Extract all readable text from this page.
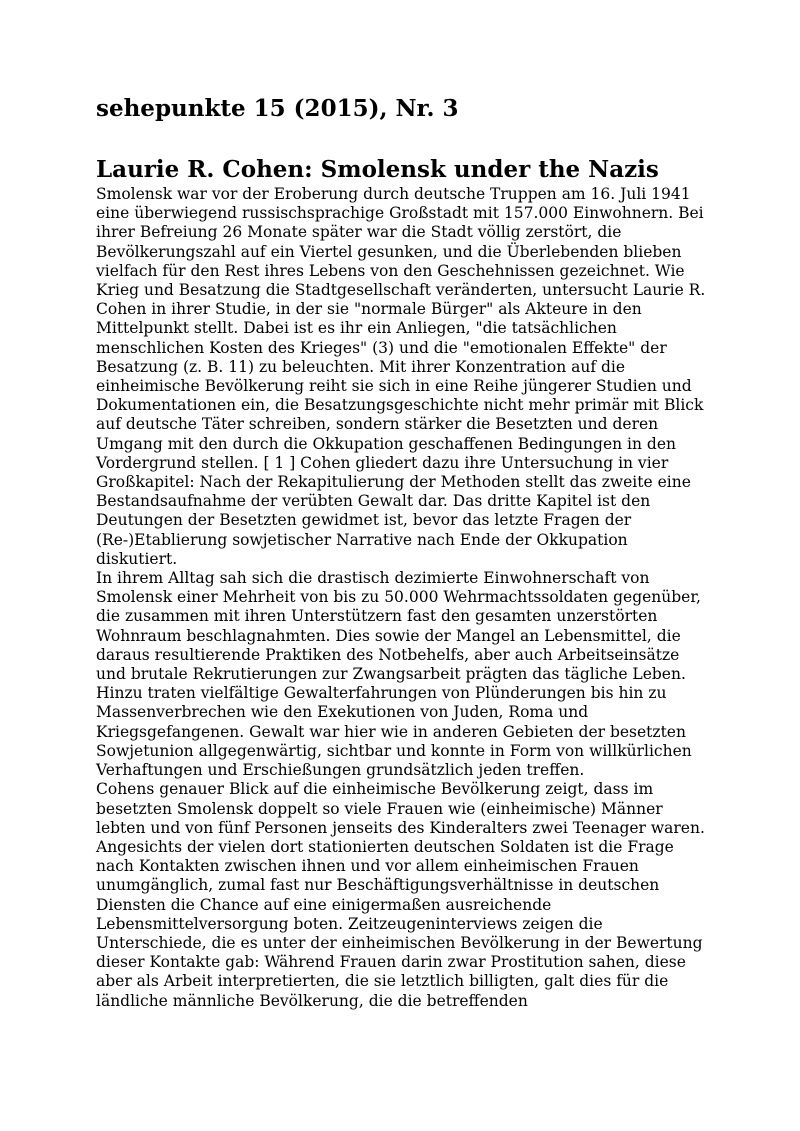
sehepunkte 15 (2015), Nr. 3
Laurie R. Cohen: Smolensk under the Nazis

Smolensk war vor der Eroberung durch deutsche Truppen am 16. Juli 1941 eine überwiegend russischsprachige Großstadt mit 157.000 Einwohnern. Bei ihrer Befreiung 26 Monate später war die Stadt völlig zerstört, die Bevölkerungszahl auf ein Viertel gesunken, und die Überlebenden blieben vielfach für den Rest ihres Lebens von den Geschehnissen gezeichnet. Wie Krieg und Besatzung die Stadtgesellschaft veränderten, untersucht Laurie R. Cohen in ihrer Studie, in der sie "normale Bürger" als Akteure in den Mittelpunkt stellt. Dabei ist es ihr ein Anliegen, "die tatsächlichen menschlichen Kosten des Krieges" (3) und die "emotionalen Effekte" der Besatzung (z. B. 11) zu beleuchten. Mit ihrer Konzentration auf die einheimische Bevölkerung reiht sie sich in eine Reihe jüngerer Studien und Dokumentationen ein, die Besatzungsgeschichte nicht mehr primär mit Blick auf deutsche Täter schreiben, sondern stärker die Besetzten und deren Umgang mit den durch die Okkupation geschaffenen Bedingungen in den Vordergrund stellen. [ 1 ] Cohen gliedert dazu ihre Untersuchung in vier Großkapitel: Nach der Rekapitulierung der Methoden stellt das zweite eine Bestandsaufnahme der verübten Gewalt dar. Das dritte Kapitel ist den Deutungen der Besetzten gewidmet ist, bevor das letzte Fragen der (Re-)Etablierung sowjetischer Narrative nach Ende der Okkupation diskutiert.

In ihrem Alltag sah sich die drastisch dezimierte Einwohnerschaft von Smolensk einer Mehrheit von bis zu 50.000 Wehrmachtssoldaten gegenüber, die zusammen mit ihren Unterstützern fast den gesamten unzerstörten Wohnraum beschlagnahmten. Dies sowie der Mangel an Lebensmittel, die daraus resultierende Praktiken des Notbehelfs, aber auch Arbeitseinsätze und brutale Rekrutierungen zur Zwangsarbeit prägten das tägliche Leben. Hinzu traten vielfältige Gewalterfahrungen von Plünderungen bis hin zu Massenverbrechen wie den Exekutionen von Juden, Roma und Kriegsgefangenen. Gewalt war hier wie in anderen Gebieten der besetzten Sowjetunion allgegenwärtig, sichtbar und konnte in Form von willkürlichen Verhaftungen und Erschießungen grundsätzlich jeden treffen.

Cohens genauer Blick auf die einheimische Bevölkerung zeigt, dass im besetzten Smolensk doppelt so viele Frauen wie (einheimische) Männer lebten und von fünf Personen jenseits des Kinderalters zwei Teenager waren. Angesichts der vielen dort stationierten deutschen Soldaten ist die Frage nach Kontakten zwischen ihnen und vor allem einheimischen Frauen unumgänglich, zumal fast nur Beschäftigungsverhältnisse in deutschen Diensten die Chance auf eine einigermaßen ausreichende Lebensmittelversorgung boten. Zeitzeugeninterviews zeigen die Unterschiede, die es unter der einheimischen Bevölkerung in der Bewertung dieser Kontakte gab: Während Frauen darin zwar Prostitution sahen, diese aber als Arbeit interpretierten, die sie letztlich billigten, galt dies für die ländliche männliche Bevölkerung, die die betreffenden
